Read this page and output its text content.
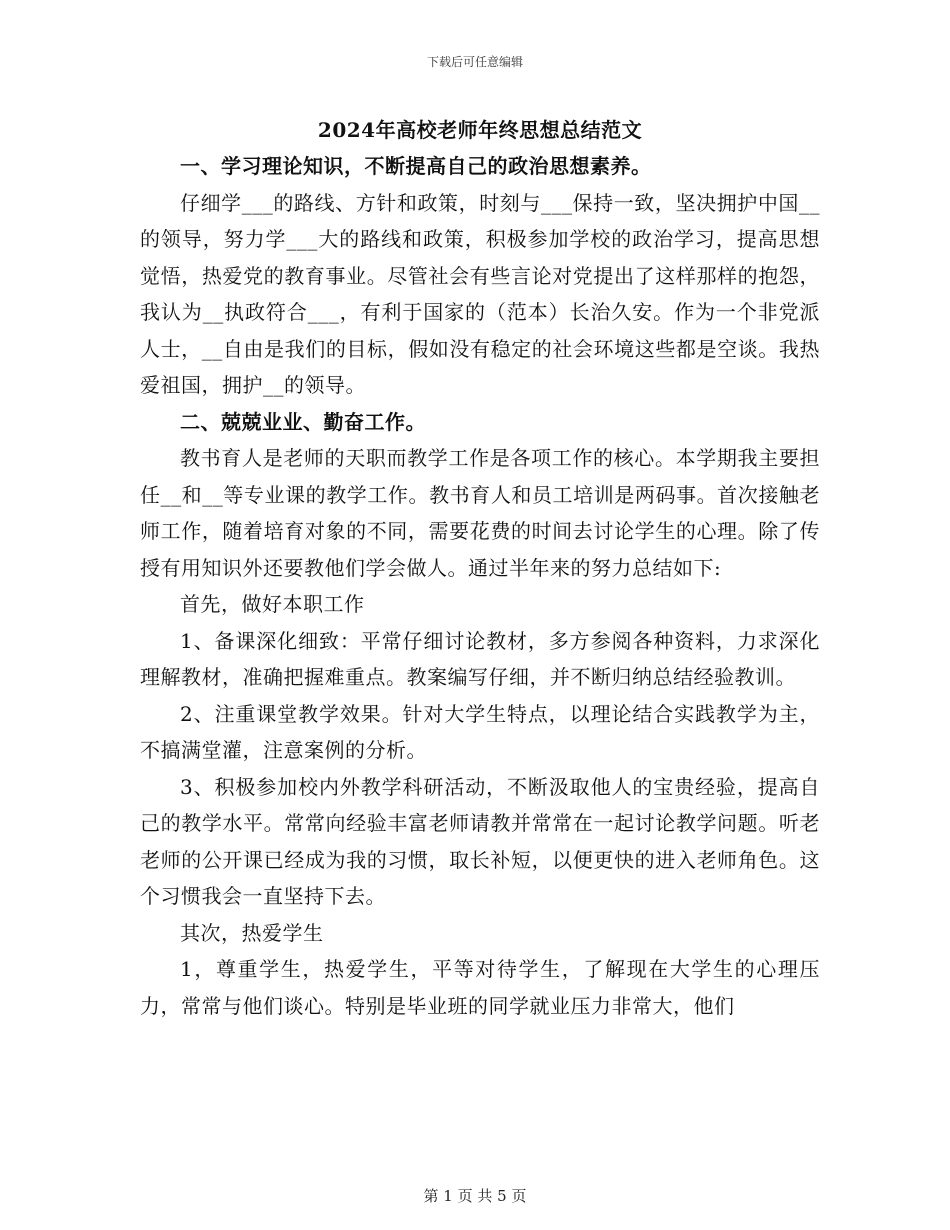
下载后可任意编辑

2024年高校老师年终思想总结范文

一、学习理论知识，不断提高自己的政治思想素养。

仔细学___的路线、方针和政策，时刻与___保持一致，坚决拥护中国__的领导，努力学___大的路线和政策，积极参加学校的政治学习，提高思想觉悟，热爱党的教育事业。尽管社会有些言论对党提出了这样那样的抱怨，我认为__执政符合___，有利于国家的（范本）长治久安。作为一个非党派人士，__自由是我们的目标，假如没有稳定的社会环境这些都是空谈。我热爱祖国，拥护__的领导。

二、兢兢业业、勤奋工作。

教书育人是老师的天职而教学工作是各项工作的核心。本学期我主要担任__和__等专业课的教学工作。教书育人和员工培训是两码事。首次接触老师工作，随着培育对象的不同，需要花费的时间去讨论学生的心理。除了传授有用知识外还要教他们学会做人。通过半年来的努力总结如下:

首先，做好本职工作

1、备课深化细致：平常仔细讨论教材，多方参阅各种资料，力求深化理解教材，准确把握难重点。教案编写仔细，并不断归纳总结经验教训。

2、注重课堂教学效果。针对大学生特点，以理论结合实践教学为主，不搞满堂灌，注意案例的分析。

3、积极参加校内外教学科研活动，不断汲取他人的宝贵经验，提高自己的教学水平。常常向经验丰富老师请教并常常在一起讨论教学问题。听老老师的公开课已经成为我的习惯，取长补短，以便更快的进入老师角色。这个习惯我会一直坚持下去。

其次，热爱学生

1，尊重学生，热爱学生，平等对待学生，了解现在大学生的心理压力，常常与他们谈心。特别是毕业班的同学就业压力非常大，他们

第 1 页 共 5 页
